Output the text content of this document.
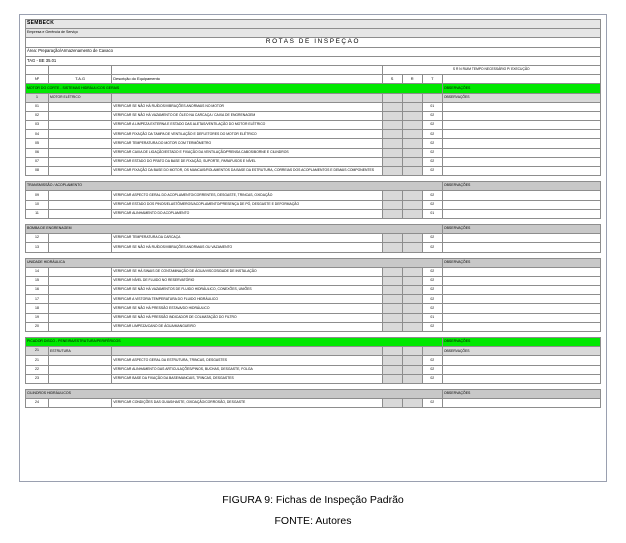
SEMBECK						
Empresa e Gerência de Serviço						
ROTAS DE INSPEÇÃO						
Área: Preparação/Armazenamento de Cavaco						
TAG - BE 35.01						
			S R N RUIM TEMPO NECESSÁRIO P/ EXECUÇÃO			
Nº	T.A.G	Descrição do Equipamento	S	R	T	
MOTOR DO CORTE - SISTEMAS HIDRÁULICOS GERAIS						OBSERVAÇÕES
1	MOTOR ELÉTRICO					OBSERVAÇÕES
01		VERIFICAR SE NÃO HÁ RUÍDOS/VIBRAÇÕES ANORMAIS NO MOTOR			01	
02		VERIFICAR SE NÃO HÁ VAZAMENTO DE ÓLEO NA CARCAÇA / CAIXA DE ENGRENAGEM			02	
03		VERIFICAR A LIMPEZA EXTERNA E ESTADO DAS ALETAS/VENTILAÇÃO DO MOTOR ELÉTRICO			02	
04		VERIFICAR FIXAÇÃO DA TAMPA DE VENTILAÇÃO E DEFLETORES DO MOTOR ELÉTRICO			02	
05		VERIFICAR TEMPERATURA DO MOTOR COM TERMÔMETRO			02	
06		VERIFICAR CAIXA DE LIGAÇÃO/ESTADO E FIXAÇÃO DA VENTILAÇÃO/PRENSA CABOS/BORNE E CILINDROS			02	
07		VERIFICAR ESTADO DO PRATO DA BASE DE FIXAÇÃO, SUPORTE, PARAFUSOS E NÍVEL			02	
08		VERIFICAR FIXAÇÃO DA BASE DO MOTOR, OS MANCAIS/ROLAMENTOS DA BASE DA ESTRUTURA, CORREIAS DOS ACOPLAMENTOS E DEMAIS COMPONENTES			02	

TRANSMISSÃO / ACOPLAMENTO						OBSERVAÇÕES
09		VERIFICAR ASPECTO GERAL DO ACOPLAMENTO/CORRENTES, DESGASTE, TRINCAS, OXIDAÇÃO			02	
10		VERIFICAR ESTADO DOS PINOS/ELASTÔMEROS/ACOPLAMENTO/PRESENÇA DE PÓ, DESGASTE E DEFORMAÇÃO			02	
11		VERIFICAR ALINHAMENTO DO ACOPLAMENTO			01	

BOMBA DE ENGRENAGEM						OBSERVAÇÕES
12		VERIFICAR TEMPERATURA DA CARCAÇA			02	
13		VERIFICAR SE NÃO HÁ RUÍDOS/VIBRAÇÕES ANORMAIS OU VAZAMENTO			02	

UNIDADE HIDRÁULICA						OBSERVAÇÕES
14		VERIFICAR SE HÁ SINAIS DE CONTAMINAÇÃO DE ÁGUA/VISCOSIDADE DE INSTALAÇÃO			02	
15		VERIFICAR NÍVEL DE FLUIDO NO RESERVATÓRIO			02	
16		VERIFICAR SE NÃO HÁ VAZAMENTOS DE FLUIDO HIDRÁULICO, CONEXÕES, UNIÕES			02	
17		VERIFICAR A VISTORIA TEMPERATURA DO FLUIDO HIDRÁULICO			02	
18		VERIFICAR SE NÃO HÁ PRESSÃO ESTAVA/DO HIDRÁULICO			02	
19		VERIFICAR SE NÃO HÁ PRESSÃO INDICADOR DE COLMATAÇÃO DO FILTRO			01	
20		VERIFICAR LIMPEZA/CANO DE ÁGUA/MANGUEIRO			02	

PICADOR DISCO - PENEIRA/ESTRUTURA/PERIFÉRICOS						OBSERVAÇÕES
21	ESTRUTURA					OBSERVAÇÕES
21		VERIFICAR ASPECTO GERAL DA ESTRUTURA, TRINCAS, DESGASTES			02	
22		VERIFICAR ALINHAMENTO DAS ARTICULAÇÕES/PINOS, BUCHAS, DESGASTE, FOLGA			02	
23		VERIFICAR BASE DA FIXAÇÃO DA BASE/MANCAIS, TRINCAS, DESGASTES			02	

CILINDROS HIDRÁULICOS						OBSERVAÇÕES
24		VERIFICAR CONDIÇÕES DAS GUIAS/HASTE, OXIDAÇÃO/CORROSÃO, DESGASTE			02	
FIGURA 9: Fichas de Inspeção Padrão
FONTE: Autores
